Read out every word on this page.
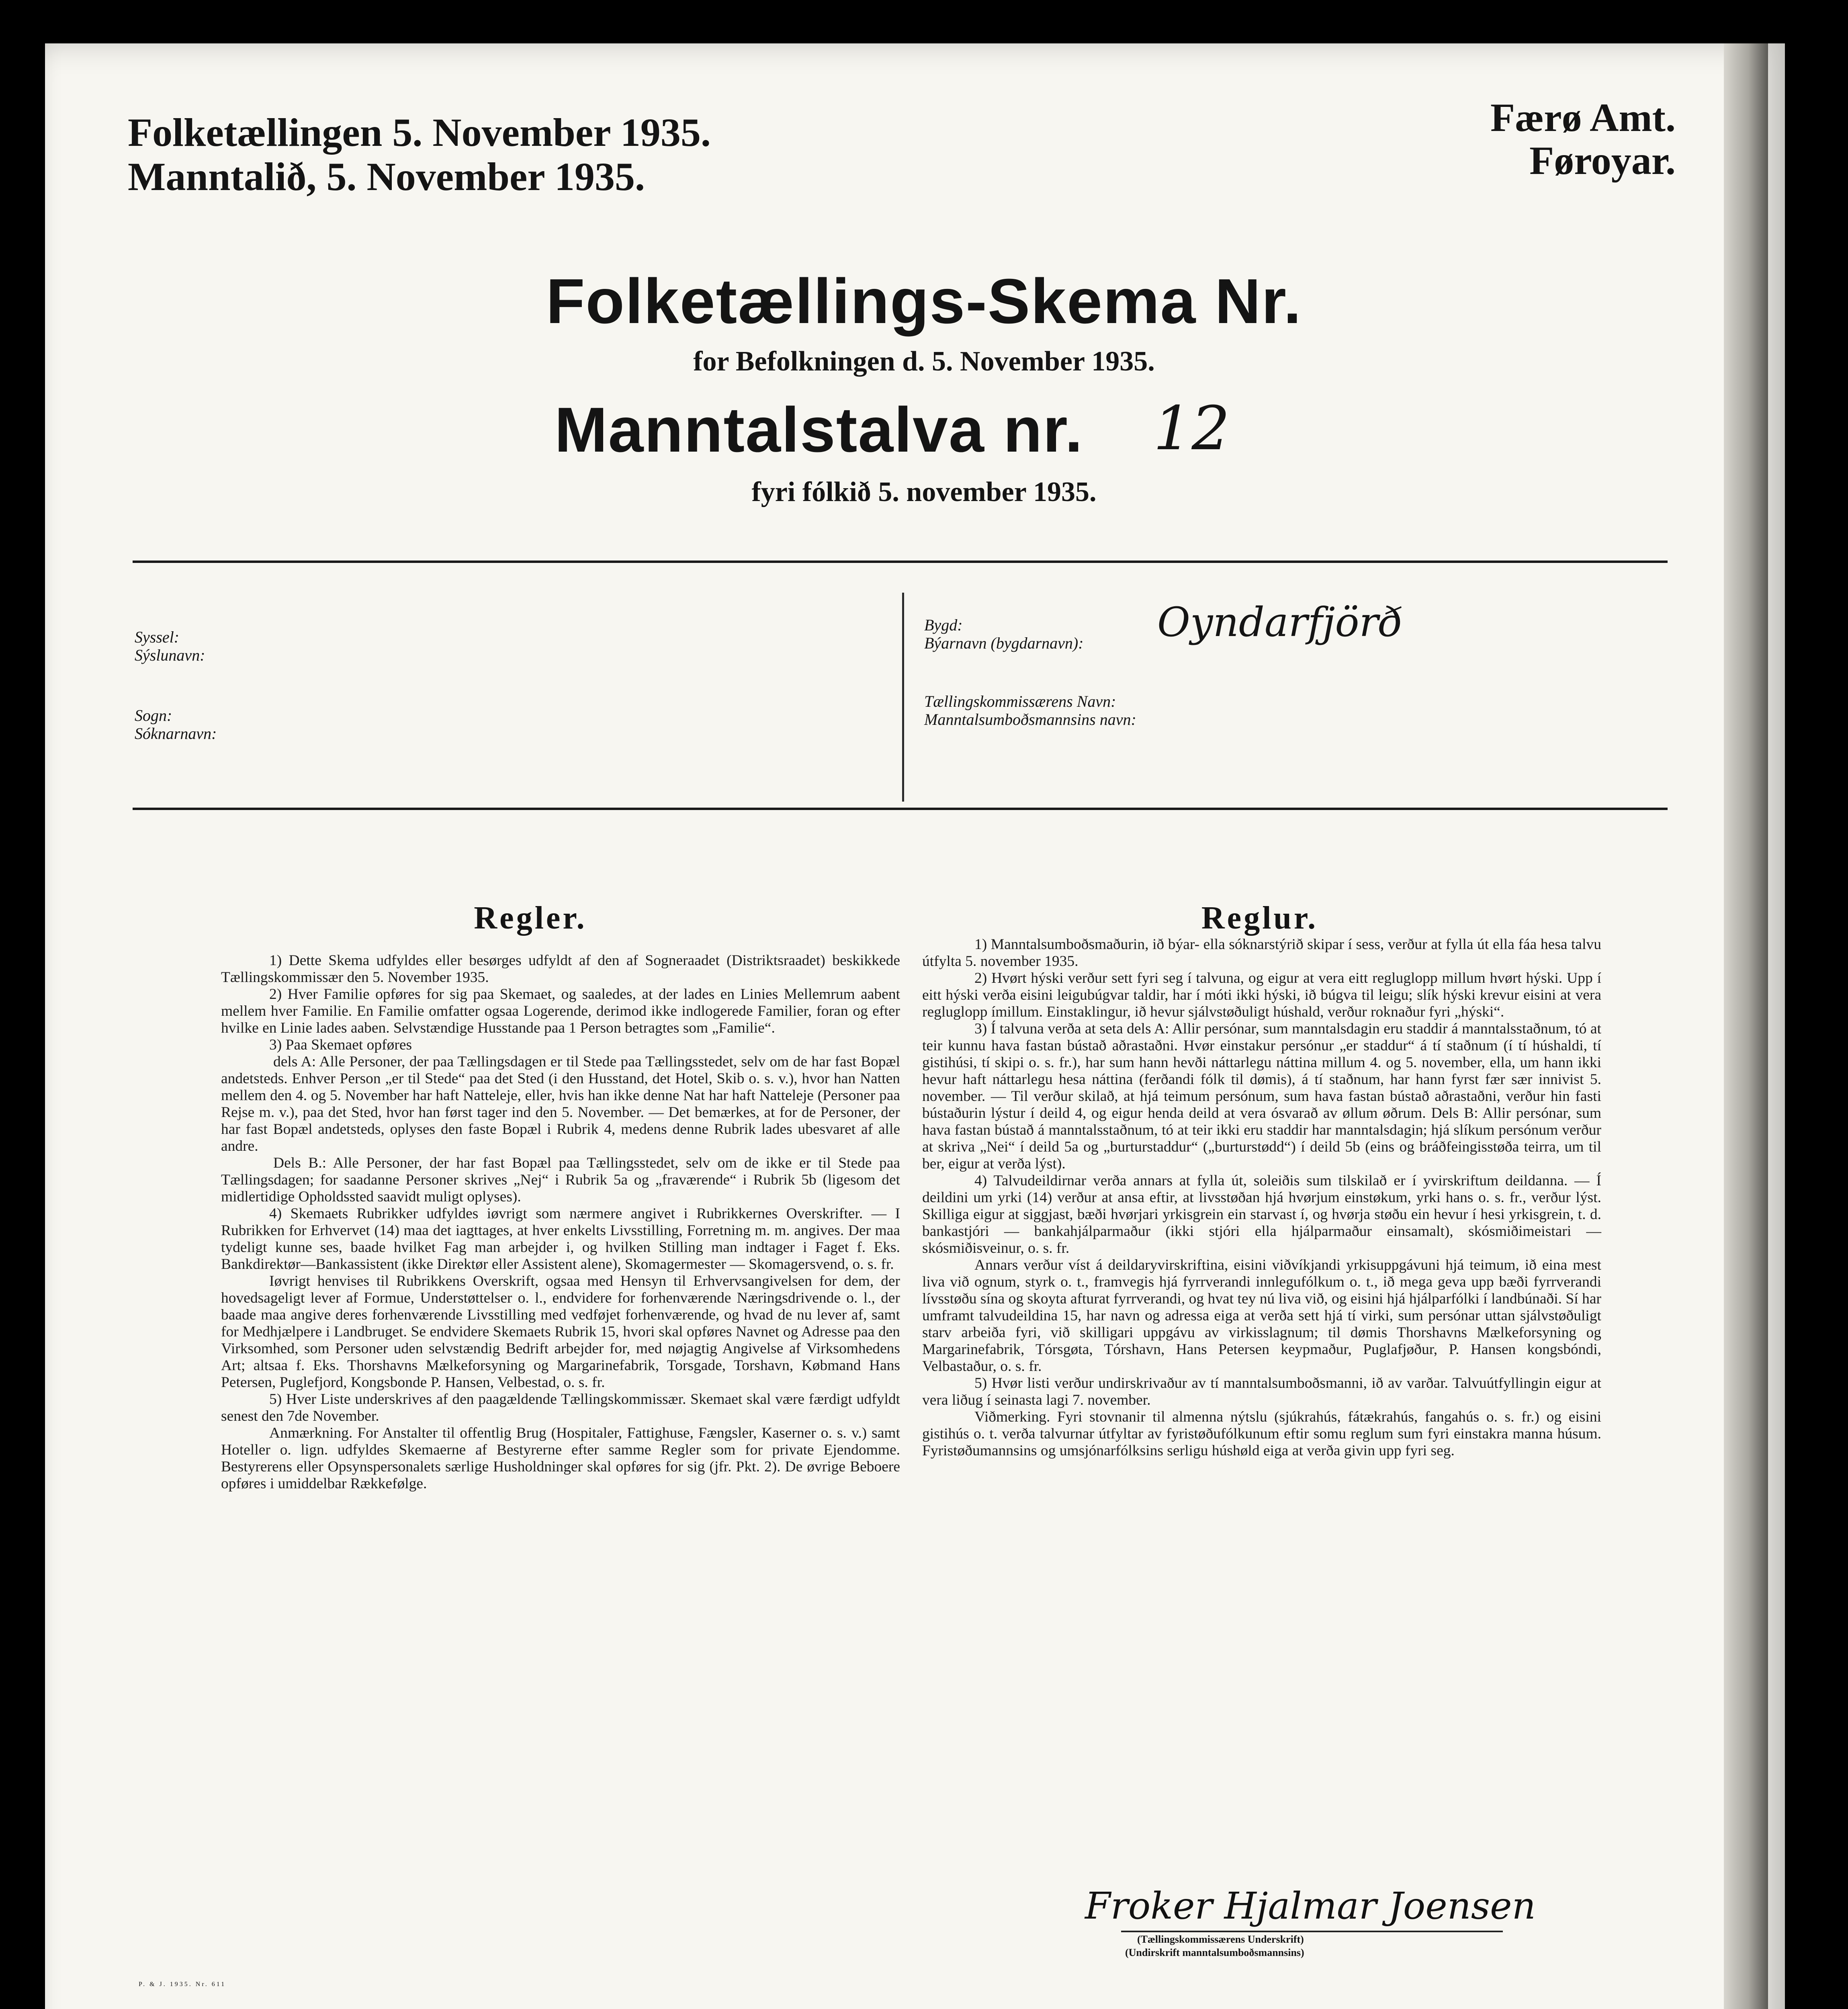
Folketællingen 5. November 1935.
Manntalið, 5. November 1935.
Færø Amt.
Føroyar.
Folketællings-Skema Nr.
for Befolkningen d. 5. November 1935.
Manntalstalva nr. 12
fyri fólkið 5. november 1935.
Syssel:
Sýslunavn:
Sogn:
Sóknarnavn:
Bygd:
Býarnavn (bygdarnavn): Oyndarfjörð
Tællingskommissærens Navn:
Manntalsumboðsmannsins navn:
Regler.

1) Dette Skema udfyldes eller besørges udfyldt af den af Sogneraadet (Distriktsraadet) beskikkede Tællingskommissær den 5. November 1935.

2) Hver Familie opføres for sig paa Skemaet, og saaledes, at der lades en Linies Mellemrum aabent mellem hver Familie. En Familie omfatter ogsaa Logerende, derimod ikke indlogerede Familier, foran og efter hvilke en Linie lades aaben. Selvstændige Husstande paa 1 Person betragtes som „Familie“.

3) Paa Skemaet opføres

dels A: Alle Personer, der paa Tællingsdagen er til Stede paa Tællingsstedet, selv om de har fast Bopæl andetsteds. Enhver Person „er til Stede“ paa det Sted (i den Husstand, det Hotel, Skib o. s. v.), hvor han Natten mellem den 4. og 5. November har haft Natteleje, eller, hvis han ikke denne Nat har haft Natteleje (Personer paa Rejse m. v.), paa det Sted, hvor han først tager ind den 5. November. — Det bemærkes, at for de Personer, der har fast Bopæl andetsteds, oplyses den faste Bopæl i Rubrik 4, medens denne Rubrik lades ubesvaret af alle andre.

Dels B.: Alle Personer, der har fast Bopæl paa Tællingsstedet, selv om de ikke er til Stede paa Tællingsdagen; for saadanne Personer skrives „Nej“ i Rubrik 5a og „fraværende“ i Rubrik 5b (ligesom det midlertidige Opholdssted saavidt muligt oplyses).

4) Skemaets Rubrikker udfyldes iøvrigt som nærmere angivet i Rubrikkernes Overskrifter. — I Rubrikken for Erhvervet (14) maa det iagttages, at hver enkelts Livsstilling, Forretning m. m. angives. Der maa tydeligt kunne ses, baade hvilket Fag man arbejder i, og hvilken Stilling man indtager i Faget f. Eks. Bankdirektør—Bankassistent (ikke Direktør eller Assistent alene), Skomagermester — Skomagersvend, o. s. fr.

Iøvrigt henvises til Rubrikkens Overskrift, ogsaa med Hensyn til Erhvervsangivelsen for dem, der hovedsageligt lever af Formue, Understøttelser o. l., endvidere for forhenværende Næringsdrivende o. l., der baade maa angive deres forhenværende Livsstilling med vedføjet forhenværende, og hvad de nu lever af, samt for Medhjælpere i Landbruget. Se endvidere Skemaets Rubrik 15, hvori skal opføres Navnet og Adresse paa den Virksomhed, som Personer uden selvstændig Bedrift arbejder for, med nøjagtig Angivelse af Virksomhedens Art; altsaa f. Eks. Thorshavns Mælkeforsyning og Margarinefabrik, Torsgade, Torshavn, Købmand Hans Petersen, Puglefjord, Kongsbonde P. Hansen, Velbestad, o. s. fr.

5) Hver Liste underskrives af den paagældende Tællingskommissær. Skemaet skal være færdigt udfyldt senest den 7de November.

Anmærkning. For Anstalter til offentlig Brug (Hospitaler, Fattighuse, Fængsler, Kaserner o. s. v.) samt Hoteller o. lign. udfyldes Skemaerne af Bestyrerne efter samme Regler som for private Ejendomme. Bestyrerens eller Opsynspersonalets særlige Husholdninger skal opføres for sig (jfr. Pkt. 2). De øvrige Beboere opføres i umiddelbar Rækkefølge.

Reglur.

1) Manntalsumboðsmaðurin, ið býar- ella sóknarstýrið skipar í sess, verður at fylla út ella fáa hesa talvu útfylta 5. november 1935.

2) Hvørt hýski verður sett fyri seg í talvuna, og eigur at vera eitt regluglopp millum hvørt hýski. Upp í eitt hýski verða eisini leigubúgvar taldir, har í móti ikki hýski, ið búgva til leigu; slík hýski krevur eisini at vera regluglopp ímillum. Einstaklingur, ið hevur sjálvstøðuligt húshald, verður roknaður fyri „hýski“.

3) Í talvuna verða at seta dels A: Allir persónar, sum manntalsdagin eru staddir á manntalsstaðnum, tó at teir kunnu hava fastan bústað aðrastaðni. Hvør einstakur persónur „er staddur“ á tí staðnum (í tí húshaldi, tí gistihúsi, tí skipi o. s. fr.), har sum hann hevði náttarlegu náttina millum 4. og 5. november, ella, um hann ikki hevur haft náttarlegu hesa náttina (ferðandi fólk til dømis), á tí staðnum, har hann fyrst fær sær innivist 5. november. — Til verður skilað, at hjá teimum persónum, sum hava fastan bústað aðrastaðni, verður hin fasti bústaðurin lýstur í deild 4, og eigur henda deild at vera ósvarað av øllum øðrum. Dels B: Allir persónar, sum hava fastan bústað á manntalsstaðnum, tó at teir ikki eru staddir har manntalsdagin; hjá slíkum persónum verður at skriva „Nei“ í deild 5a og „burturstaddur“ („burturstødd“) í deild 5b (eins og bráðfeingisstøða teirra, um til ber, eigur at verða lýst).

4) Talvudeildirnar verða annars at fylla út, soleiðis sum tilskilað er í yvirskriftum deildanna. — Í deildini um yrki (14) verður at ansa eftir, at livsstøðan hjá hvørjum einstøkum, yrki hans o. s. fr., verður lýst. Skilliga eigur at siggjast, bæði hvørjari yrkisgrein ein starvast í, og hvørja støðu ein hevur í hesi yrkisgrein, t. d. bankastjóri — bankahjálparmaður (ikki stjóri ella hjálparmaður einsamalt), skósmiðimeistari — skósmiðisveinur, o. s. fr.

Annars verður víst á deildaryvirskriftina, eisini viðvíkjandi yrkisuppgávuni hjá teimum, ið eina mest liva við ognum, styrk o. t., framvegis hjá fyrrverandi innlegufólkum o. t., ið mega geva upp bæði fyrrverandi lívsstøðu sína og skoyta afturat fyrrverandi, og hvat tey nú liva við, og eisini hjá hjálparfólki í landbúnaði. Sí har umframt talvudeildina 15, har navn og adressa eiga at verða sett hjá tí virki, sum persónar uttan sjálvstøðuligt starv arbeiða fyri, við skilligari uppgávu av virkisslagnum; til dømis Thorshavns Mælkeforsyning og Margarinefabrik, Tórsgøta, Tórshavn, Hans Petersen keypmaður, Puglafjøður, P. Hansen kongsbóndi, Velbastaður, o. s. fr.

5) Hvør listi verður undirskrivaður av tí manntalsumboðsmanni, ið av varðar. Talvuútfyllingin eigur at vera liðug í seinasta lagi 7. november.

Viðmerking. Fyri stovnanir til almenna nýtslu (sjúkrahús, fátækrahús, fangahús o. s. fr.) og eisini gistihús o. t. verða talvurnar útfyltar av fyristøðufólkunum eftir somu reglum sum fyri einstakra manna húsum. Fyristøðumannsins og umsjónarfólksins serligu húshøld eiga at verða givin upp fyri seg.

Froker Hjalmar Joensen
(Tællingskommissærens Underskrift)
(Undirskrift manntalsumboðsmannsins)
P. & J. 1935. Nr. 611
